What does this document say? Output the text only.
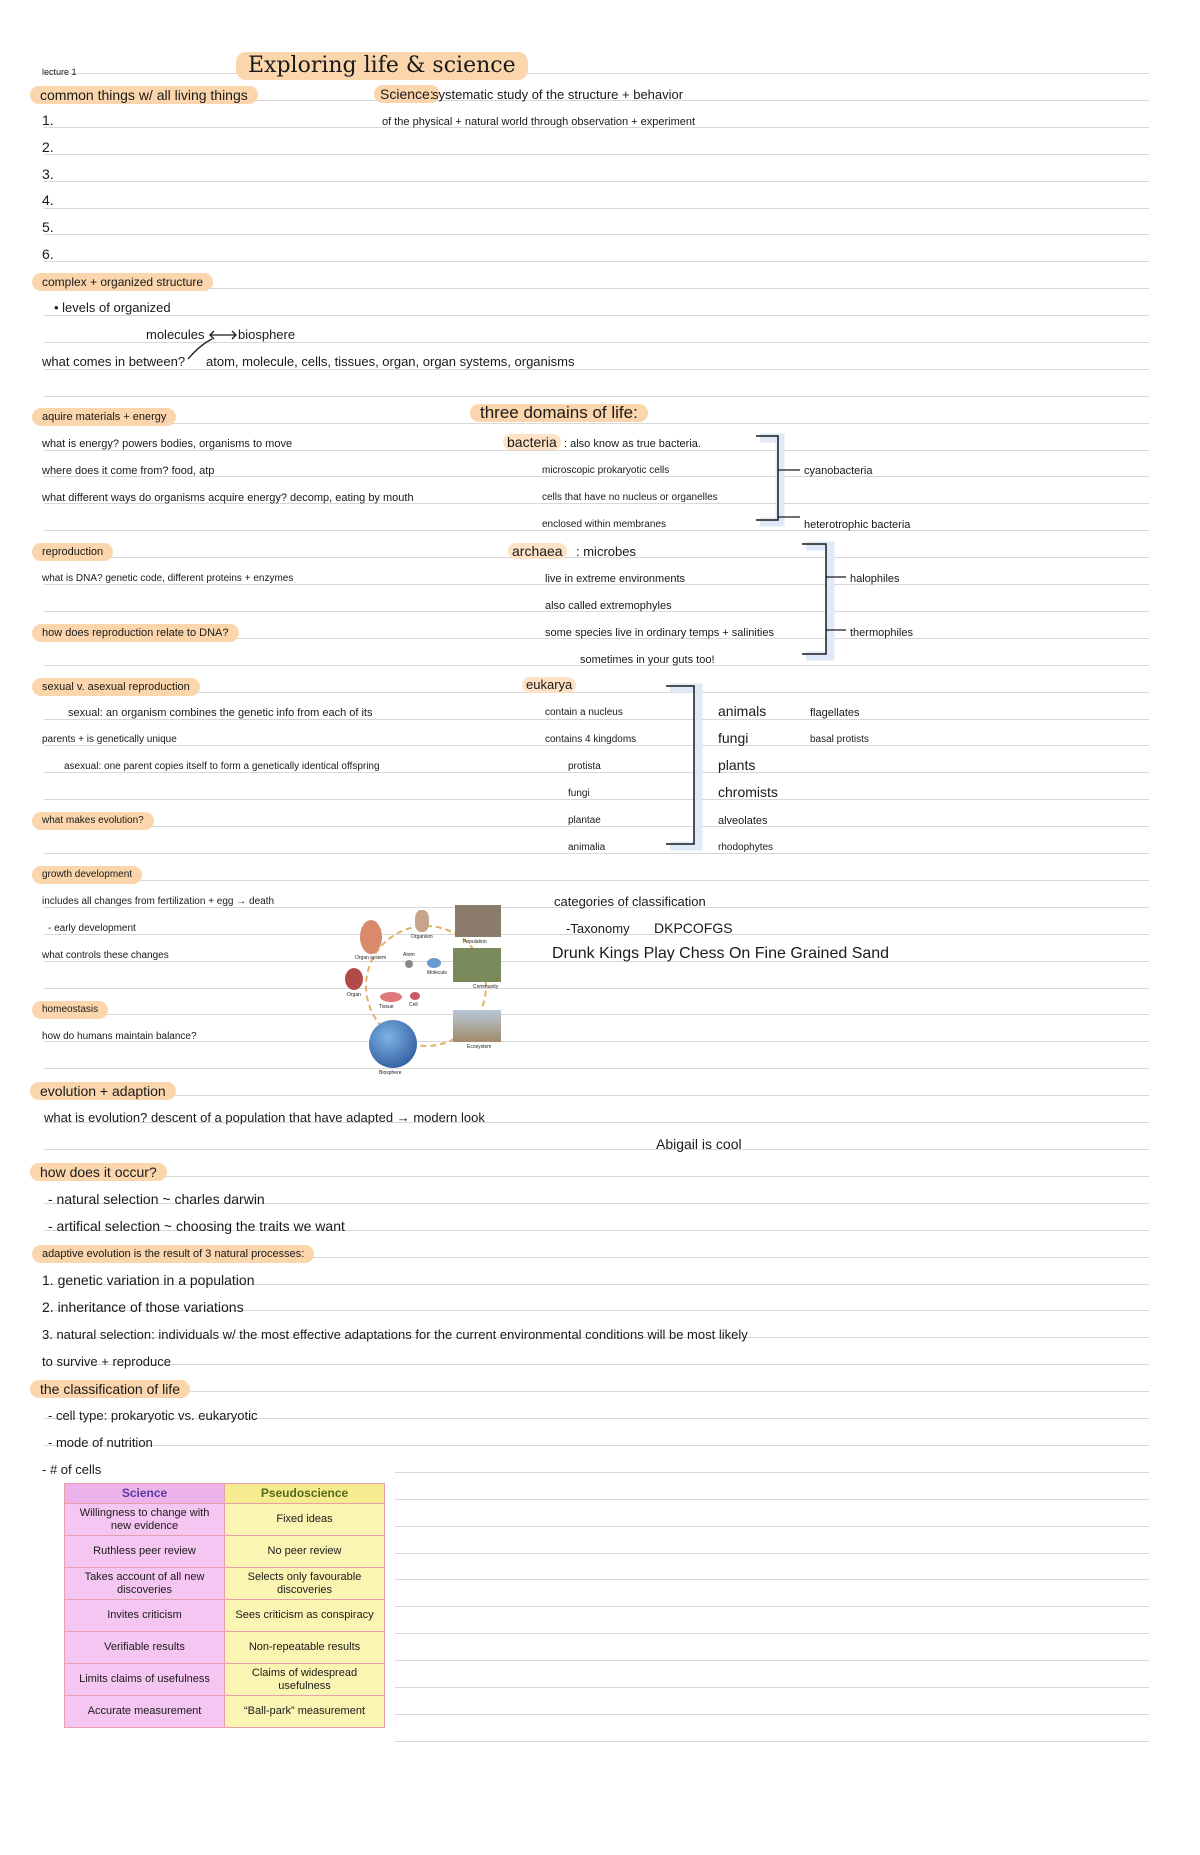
lecture 1	Exploring life & science
common things w/ all living things
1.
2.
3.
4.
5.
6.
Science:
systematic study of the structure + behavior
of the physical + natural world through observation + experiment
complex + organized structure
• levels of organized
molecules	biosphere
what comes in between? atom, molecule, cells, tissues, organ, organ systems, organisms
aquire materials + energy
what is energy? powers bodies, organisms to move
where does it come from? food, atp
what different ways do organisms acquire energy? decomp, eating by mouth
reproduction
what is DNA? genetic code, different proteins + enzymes
how does reproduction relate to DNA?
sexual v. asexual reproduction
sexual: an organism combines the genetic info from each of its
parents + is genetically unique
asexual: one parent copies itself to form a genetically identical offspring
what makes evolution?
growth development
includes all changes from fertilization + egg → death
- early development
what controls these changes
homeostasis
how do humans maintain balance?
Organ system
Organism
Population
Organ
Atom
Molecule
Tissue	Cell
Community
Biosphere
Ecosystem
three domains of life:
bacteria : also know as true bacteria.
microscopic prokaryotic cells
cells that have no nucleus or organelles
enclosed within membranes
cyanobacteria
heterotrophic bacteria
archaea	: microbes
live in extreme environments
also called extremophyles
some species live in ordinary temps + salinities
sometimes in your guts too!
halophiles
thermophiles
eukarya
contain a nucleus
contains 4 kingdoms
protista
fungi
plantae
animalia
animals
fungi
plants
chromists
alveolates
rhodophytes
flagellates
basal protists
categories of classification
-Taxonomy DKPCOFGS
Drunk Kings Play Chess On Fine Grained Sand
evolution + adaption
what is evolution? descent of a population that have adapted → modern look
Abigail is cool
how does it occur?
- natural selection ~ charles darwin
- artifical selection ~ choosing the traits we want
adaptive evolution is the result of 3 natural processes:
1. genetic variation in a population
2. inheritance of those variations
3. natural selection: individuals w/ the most effective adaptations for the current environmental conditions will be most likely
to survive + reproduce
the classification of life
- cell type: prokaryotic vs. eukaryotic
- mode of nutrition
- # of cells
Science	Pseudoscience
Willingness to change with new evidence	Fixed ideas
Ruthless peer review	No peer review
Takes account of all new discoveries	Selects only favourable discoveries
Invites criticism	Sees criticism as conspiracy
Verifiable results	Non-repeatable results
Limits claims of usefulness	Claims of widespread usefulness
Accurate measurement	“Ball-park” measurement
